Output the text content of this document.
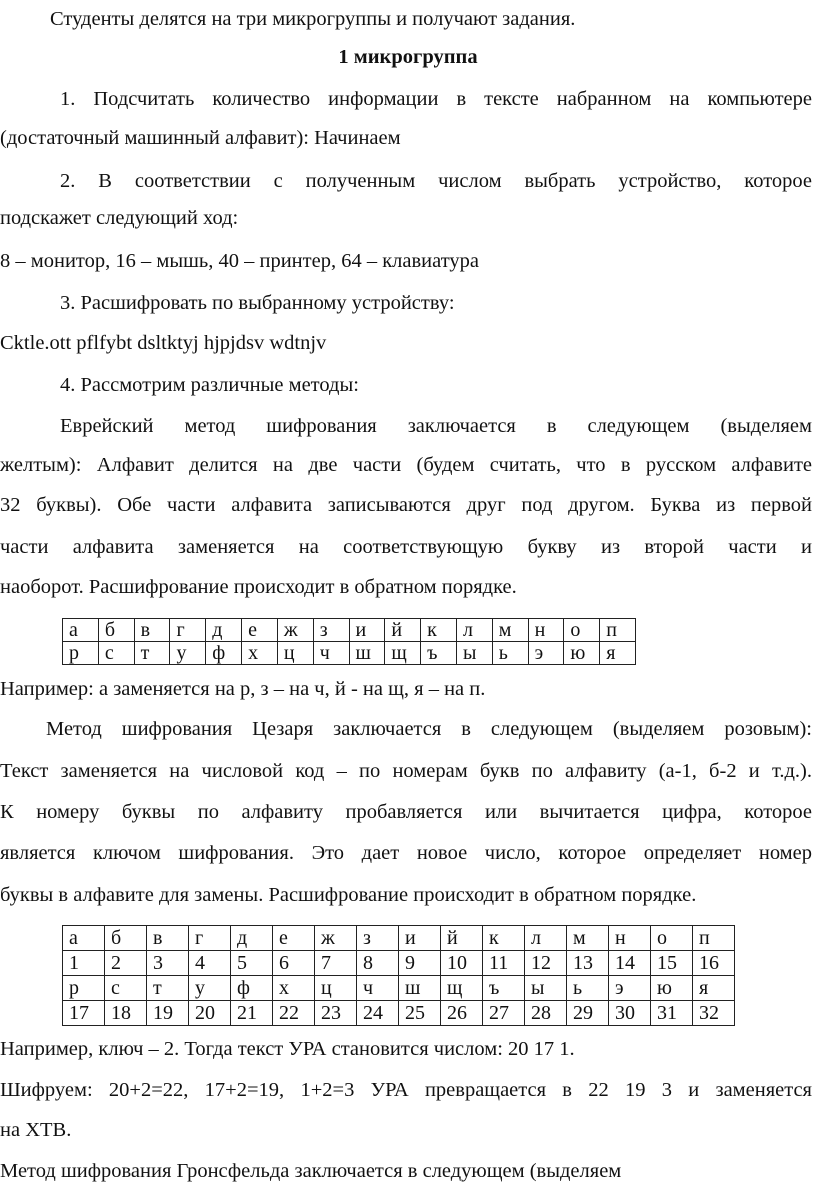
Студенты делятся на три микрогруппы и получают задания.
1 микрогруппа
1. Подсчитать количество информации в тексте набранном на компьютере
(достаточный машинный алфавит): Начинаем
2. В соответствии с полученным числом выбрать устройство, которое
подскажет следующий ход:
8 – монитор, 16 – мышь, 40 – принтер, 64 – клавиатура
3. Расшифровать по выбранному устройству:
Cktle.ott pflfybt dsltktyj hjpjdsv wdtnjv
4. Рассмотрим различные методы:
Еврейский метод шифрования заключается в следующем (выделяем
желтым): Алфавит делится на две части (будем считать, что в русском алфавите
32 буквы). Обе части алфавита записываются друг под другом. Буква из первой
части алфавита заменяется на соответствующую букву из второй части и
наоборот. Расшифрование происходит в обратном порядке.
а	б	в	г	д	е	ж	з	и	й	к	л	м	н	о	п
р	с	т	у	ф	х	ц	ч	ш	щ	ъ	ы	ь	э	ю	я
Например: а заменяется на р, з – на ч, й - на щ, я – на п.
Метод шифрования Цезаря заключается в следующем (выделяем розовым):
Текст заменяется на числовой код – по номерам букв по алфавиту (а-1, б-2 и т.д.).
К номеру буквы по алфавиту пробавляется или вычитается цифра, которое
является ключом шифрования. Это дает новое число, которое определяет номер
буквы в алфавите для замены. Расшифрование происходит в обратном порядке.
а	б	в	г	д	е	ж	з	и	й	к	л	м	н	о	п
1	2	3	4	5	6	7	8	9	10	11	12	13	14	15	16
р	с	т	у	ф	х	ц	ч	ш	щ	ъ	ы	ь	э	ю	я
17	18	19	20	21	22	23	24	25	26	27	28	29	30	31	32
Например, ключ – 2. Тогда текст УРА становится числом: 20 17 1.
Шифруем: 20+2=22, 17+2=19, 1+2=3 УРА превращается в 22 19 3 и заменяется
на ХТВ.
Метод шифрования Гронсфельда заключается в следующем (выделяем
